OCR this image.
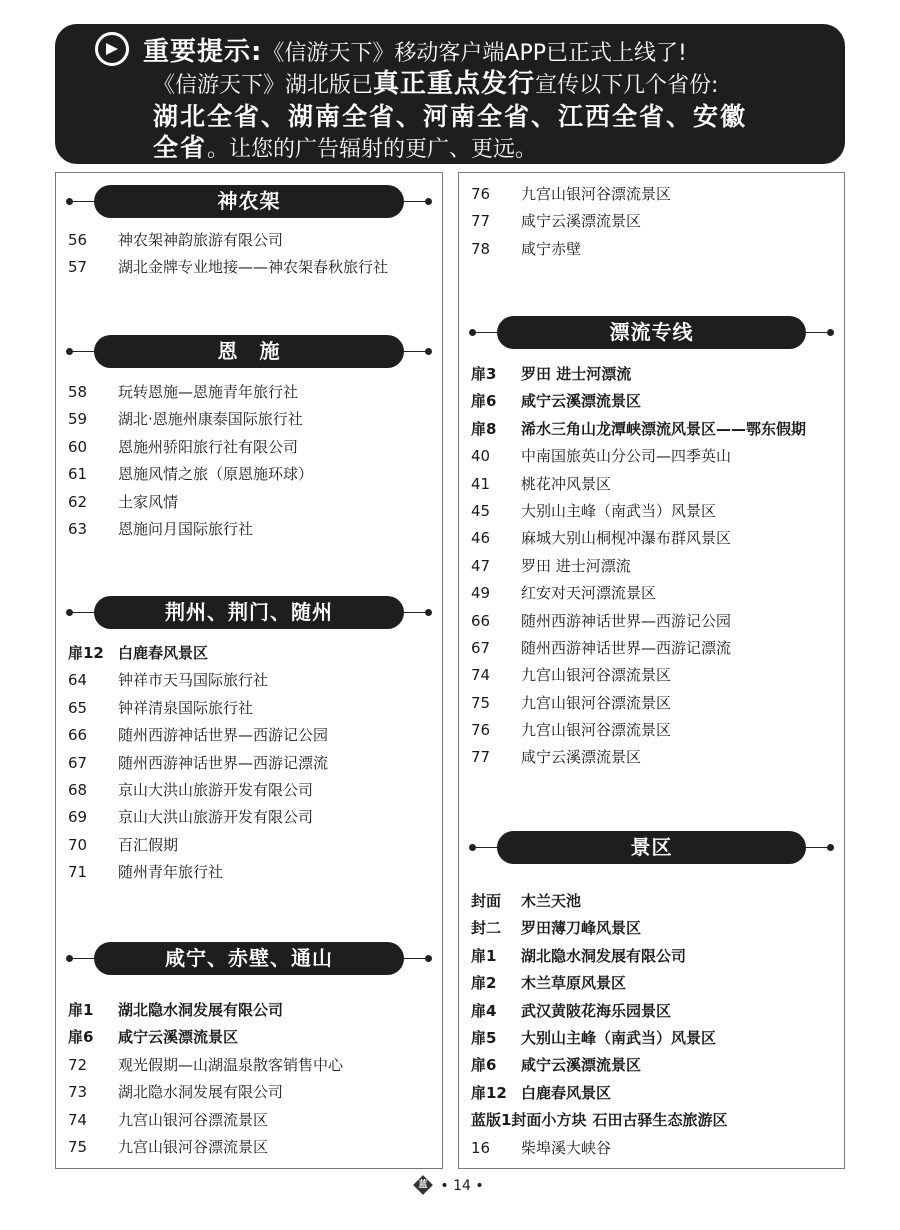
重要提示:《信游天下》移动客户端APP已正式上线了!
《信游天下》湖北版已真正重点发行宣传以下几个省份:
湖北全省、湖南全省、河南全省、江西全省、安徽
全省。让您的广告辐射的更广、更远。
神农架
56 神农架神韵旅游有限公司
57 湖北金牌专业地接——神农架春秋旅行社
恩　施
58 玩转恩施—恩施青年旅行社
59 湖北·恩施州康泰国际旅行社
60 恩施州骄阳旅行社有限公司
61 恩施风情之旅（原恩施环球）
62 土家风情
63 恩施问月国际旅行社
荆州、荆门、随州
扉12 白鹿春风景区
64 钟祥市天马国际旅行社
65 钟祥清泉国际旅行社
66 随州西游神话世界—西游记公园
67 随州西游神话世界—西游记漂流
68 京山大洪山旅游开发有限公司
69 京山大洪山旅游开发有限公司
70 百汇假期
71 随州青年旅行社
咸宁、赤壁、通山
扉1 湖北隐水洞发展有限公司
扉6 咸宁云溪漂流景区
72 观光假期—山湖温泉散客销售中心
73 湖北隐水洞发展有限公司
74 九宫山银河谷漂流景区
75 九宫山银河谷漂流景区
76 九宫山银河谷漂流景区
77 咸宁云溪漂流景区
78 咸宁赤壁
漂流专线
扉3 罗田 进士河漂流
扉6 咸宁云溪漂流景区
扉8 浠水三角山龙潭峡漂流风景区——鄂东假期
40 中南国旅英山分公司—四季英山
41 桃花冲风景区
45 大别山主峰（南武当）风景区
46 麻城大别山桐枧冲瀑布群风景区
47 罗田 进士河漂流
49 红安对天河漂流景区
66 随州西游神话世界—西游记公园
67 随州西游神话世界—西游记漂流
74 九宫山银河谷漂流景区
75 九宫山银河谷漂流景区
76 九宫山银河谷漂流景区
77 咸宁云溪漂流景区
景区
封面 木兰天池
封二 罗田薄刀峰风景区
扉1 湖北隐水洞发展有限公司
扉2 木兰草原风景区
扉4 武汉黄陂花海乐园景区
扉5 大别山主峰（南武当）风景区
扉6 咸宁云溪漂流景区
扉12 白鹿春风景区
蓝版1封面小方块 石田古驿生态旅游区
16 柴埠溪大峡谷
蓝 • 14 •
